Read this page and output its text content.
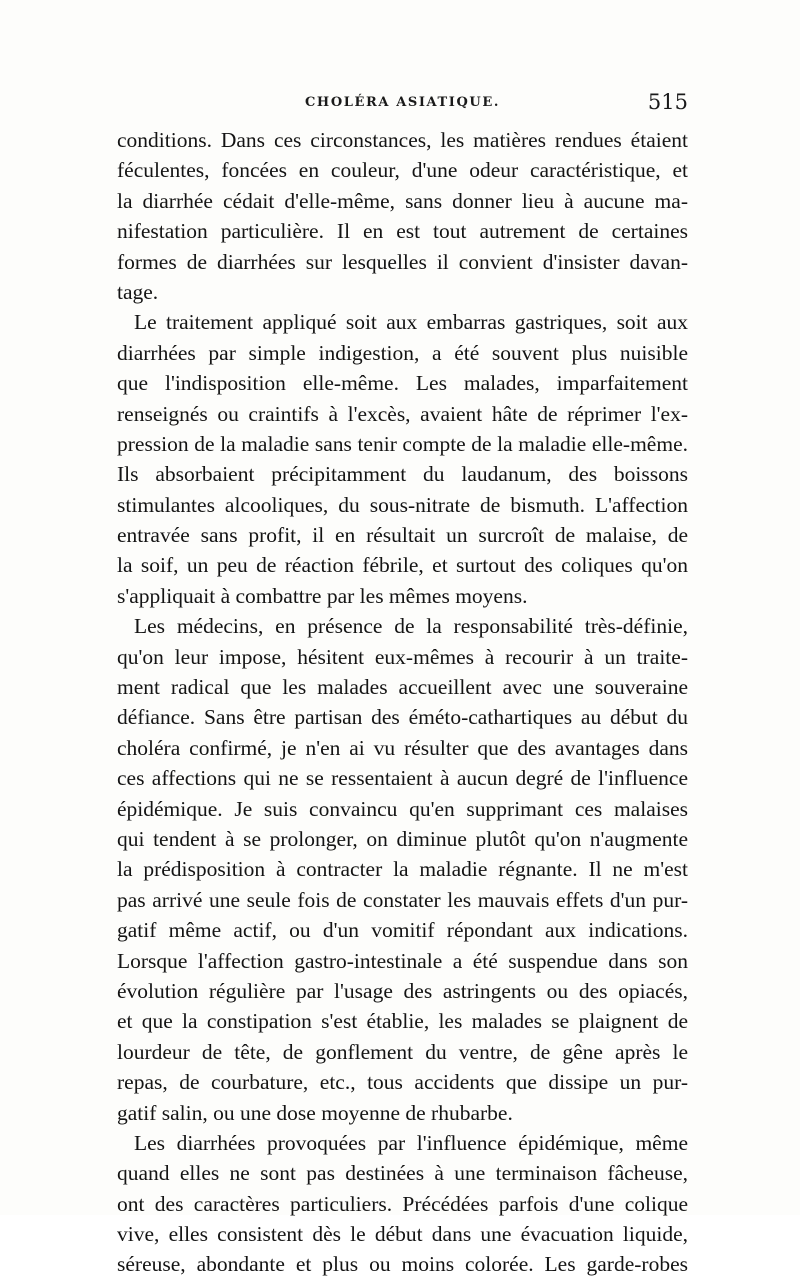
CHOLÉRA ASIATIQUE.	515
conditions. Dans ces circonstances, les matières rendues étaient
féculentes, foncées en couleur, d'une odeur caractéristique, et
la diarrhée cédait d'elle-même, sans donner lieu à aucune ma-
nifestation particulière. Il en est tout autrement de certaines
formes de diarrhées sur lesquelles il convient d'insister davan-
tage.
Le traitement appliqué soit aux embarras gastriques, soit aux
diarrhées par simple indigestion, a été souvent plus nuisible
que l'indisposition elle-même. Les malades, imparfaitement
renseignés ou craintifs à l'excès, avaient hâte de réprimer l'ex-
pression de la maladie sans tenir compte de la maladie elle-même.
Ils absorbaient précipitamment du laudanum, des boissons
stimulantes alcooliques, du sous-nitrate de bismuth. L'affection
entravée sans profit, il en résultait un surcroît de malaise, de
la soif, un peu de réaction fébrile, et surtout des coliques qu'on
s'appliquait à combattre par les mêmes moyens.
Les médecins, en présence de la responsabilité très-définie,
qu'on leur impose, hésitent eux-mêmes à recourir à un traite-
ment radical que les malades accueillent avec une souveraine
défiance. Sans être partisan des émétо-cathartiques au début du
choléra confirmé, je n'en ai vu résulter que des avantages dans
ces affections qui ne se ressentaient à aucun degré de l'influence
épidémique. Je suis convaincu qu'en supprimant ces malaises
qui tendent à se prolonger, on diminue plutôt qu'on n'augmente
la prédisposition à contracter la maladie régnante. Il ne m'est
pas arrivé une seule fois de constater les mauvais effets d'un pur-
gatif même actif, ou d'un vomitif répondant aux indications.
Lorsque l'affection gastro-intestinale a été suspendue dans son
évolution régulière par l'usage des astringents ou des opiacés,
et que la constipation s'est établie, les malades se plaignent de
lourdeur de tête, de gonflement du ventre, de gêne après le
repas, de courbature, etc., tous accidents que dissipe un pur-
gatif salin, ou une dose moyenne de rhubarbe.
Les diarrhées provoquées par l'influence épidémique, même
quand elles ne sont pas destinées à une terminaison fâcheuse,
ont des caractères particuliers. Précédées parfois d'une colique
vive, elles consistent dès le début dans une évacuation liquide,
séreuse, abondante et plus ou moins colorée. Les garde-robes
